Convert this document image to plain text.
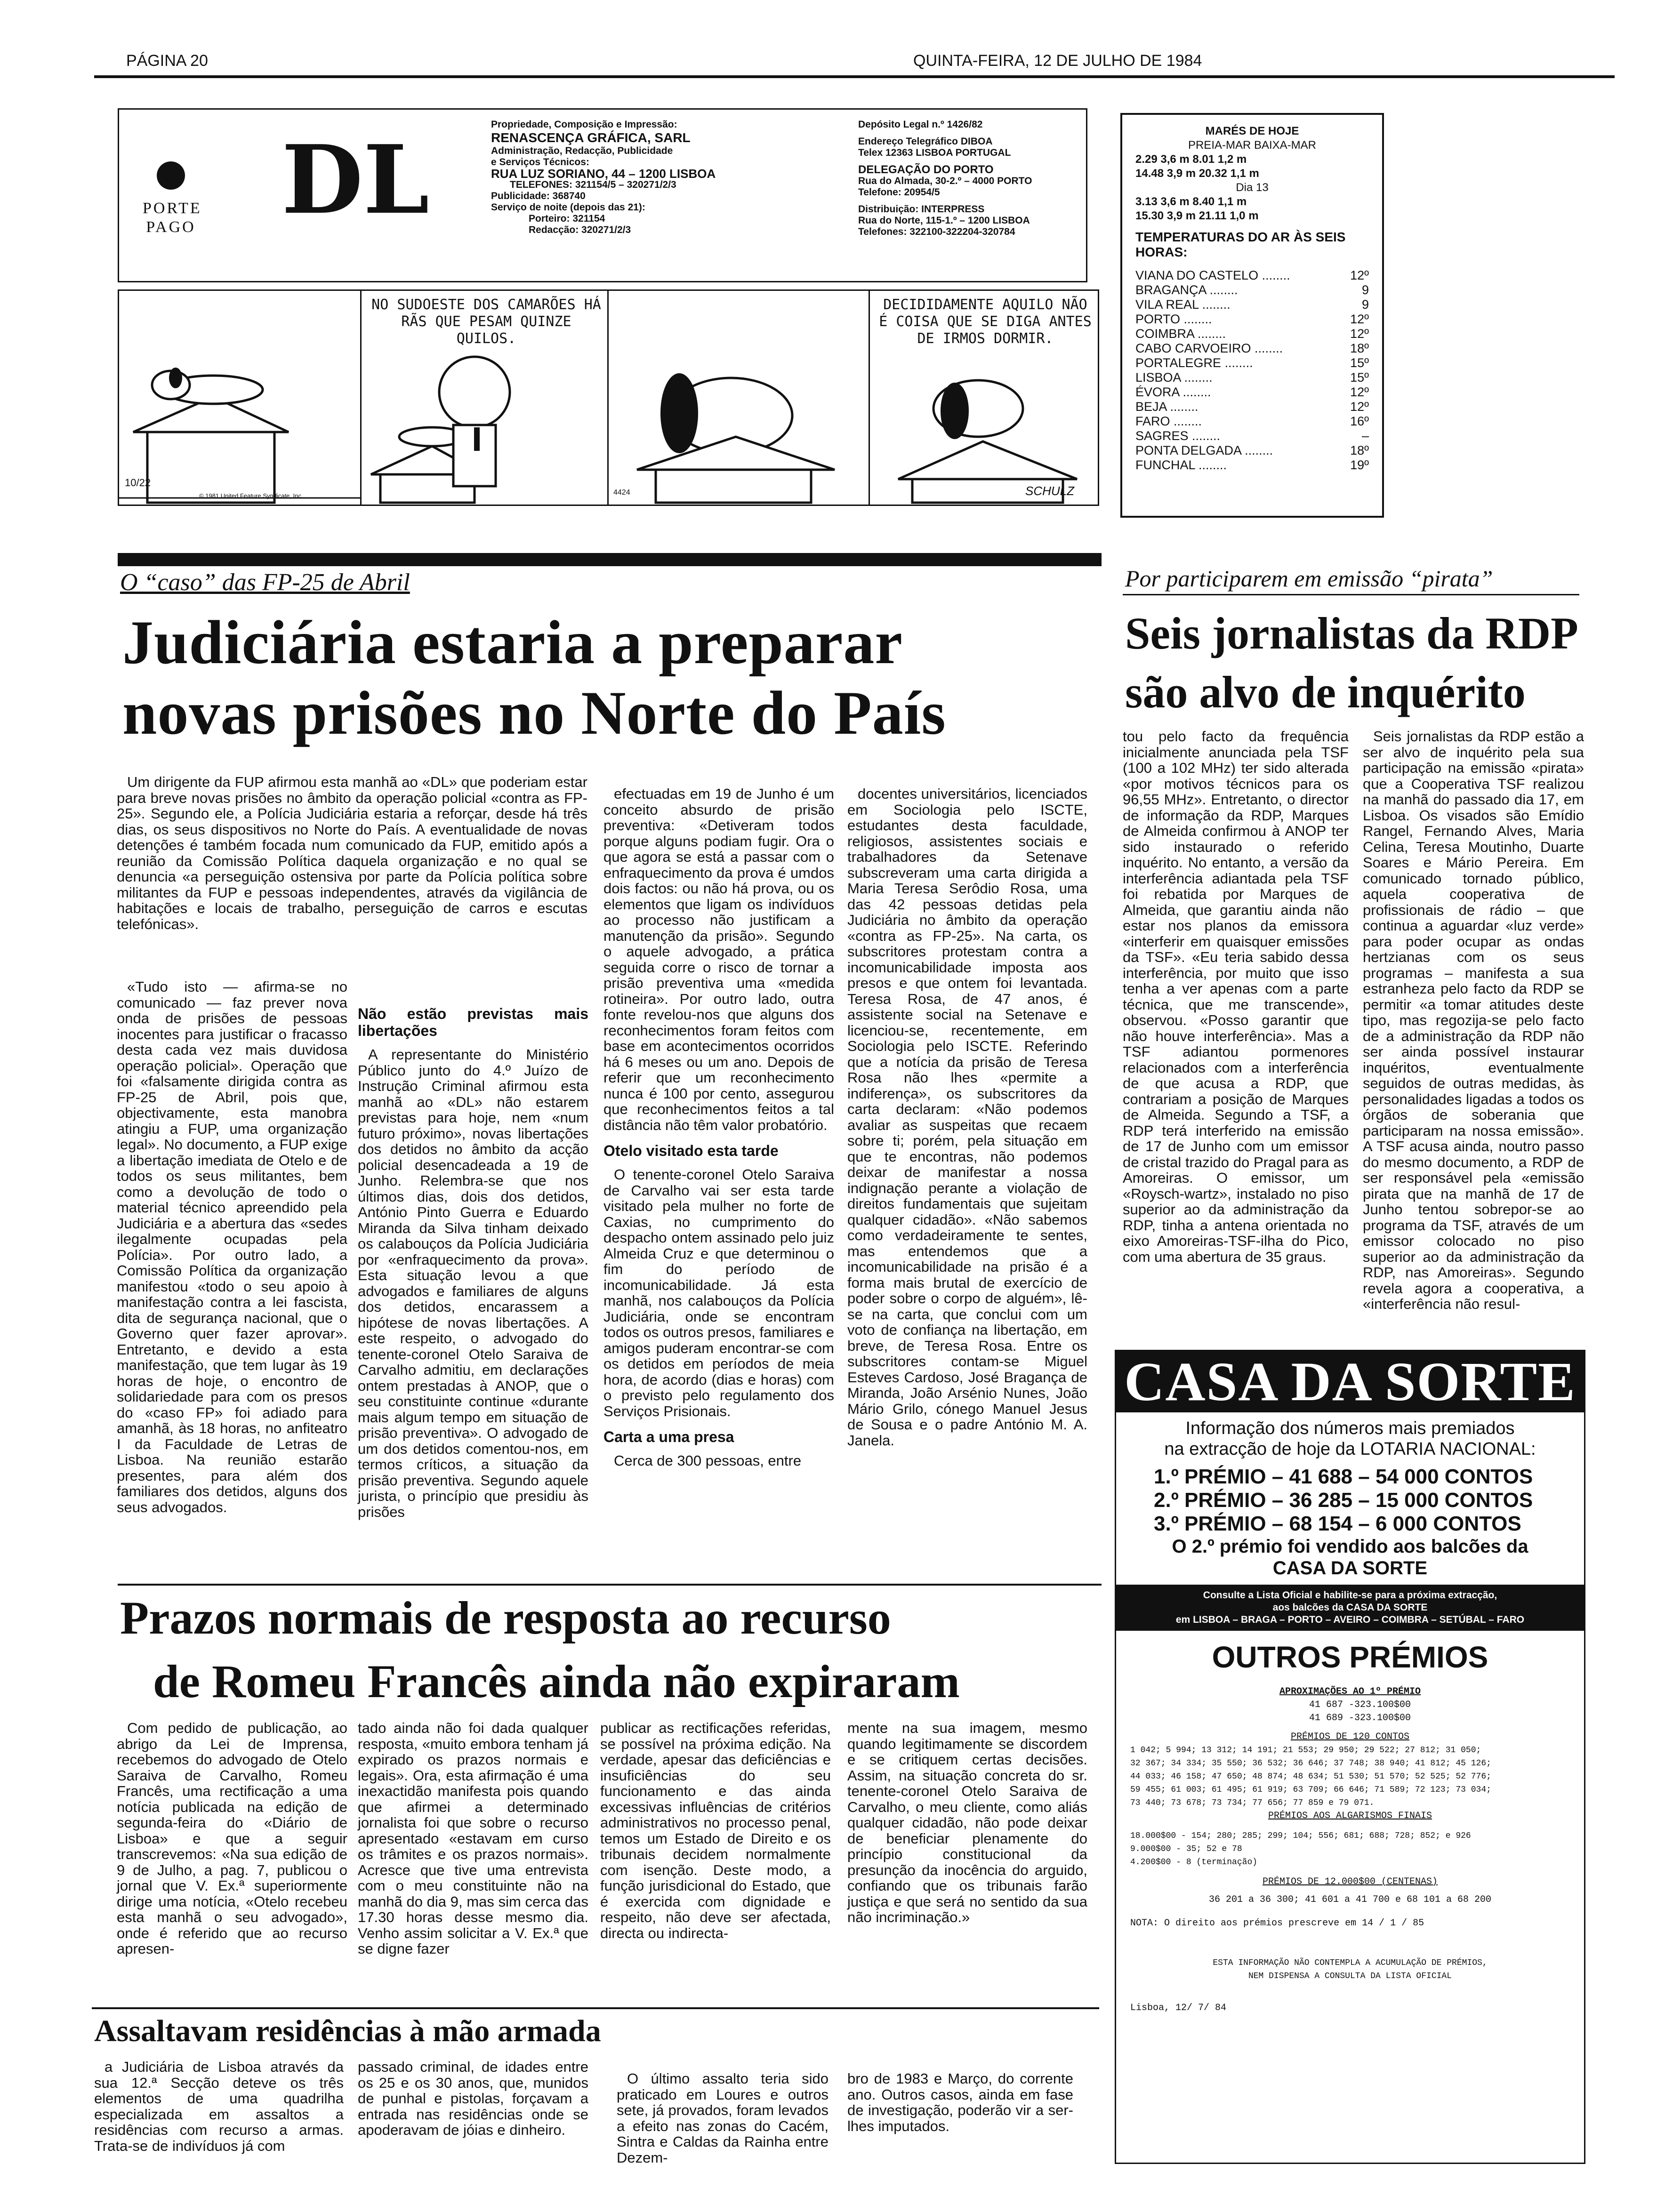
PÁGINA 20	QUINTA-FEIRA, 12 DE JULHO DE 1984
PORTE
PAGO DL
Propriedade, Composição e Impressão:
RENASCENÇA GRÁFICA, SARL
Administração, Redacção, Publicidade
e Serviços Técnicos:
RUA LUZ SORIANO, 44 – 1200 LISBOA
TELEFONES: 321154/5 – 320271/2/3
Publicidade: 368740
Serviço de noite (depois das 21):
Porteiro: 321154
Redacção: 320271/2/3
Depósito Legal n.º 1426/82
Endereço Telegráfico DIBOA
Telex 12363 LISBOA PORTUGAL
DELEGAÇÃO DO PORTO
Rua do Almada, 30-2.º – 4000 PORTO
Telefone: 20954/5
Distribuição: INTERPRESS
Rua do Norte, 115-1.º – 1200 LISBOA
Telefones: 322100-322204-320784
MARÉS DE HOJE
PREIA-MAR BAIXA-MAR
2.29 3,6 m 8.01 1,2 m
14.48 3,9 m 20.32 1,1 m
Dia 13
3.13 3,6 m 8.40 1,1 m
15.30 3,9 m 21.11 1,0 m
TEMPERATURAS DO AR ÀS SEIS HORAS:
VIANA DO CASTELO ........	12º
BRAGANÇA ........	9
VILA REAL ........	9
PORTO ........	12º
COIMBRA ........	12º
CABO CARVOEIRO ........	18º
PORTALEGRE ........	15º
LISBOA ........	15º
ÉVORA ........	12º
BEJA ........	12º
FARO ........	16º
SAGRES ........	–
PONTA DELGADA ........	18º
FUNCHAL ........	19º
10/22
© 1981 United Feature Syndicate, Inc.
NO SUDOESTE DOS CAMARÕES HÁ RÃS QUE PESAM QUINZE QUILOS.
4424
DECIDIDAMENTE AQUILO NÃO É COISA QUE SE DIGA ANTES DE IRMOS DORMIR.
SCHULZ
O “caso” das FP-25 de Abril
Judiciária estaria a preparar
novas prisões no Norte do País

Um dirigente da FUP afirmou esta manhã ao «DL» que poderiam estar para breve novas prisões no âmbito da operação policial «contra as FP-25». Segundo ele, a Polícia Judiciária estaria a reforçar, desde há três dias, os seus dispositivos no Norte do País. A eventualidade de novas detenções é também focada num comunicado da FUP, emitido após a reunião da Comissão Política daquela organização e no qual se denuncia «a perseguição ostensiva por parte da Polícia política sobre militantes da FUP e pessoas independentes, através da vigilância de habitações e locais de trabalho, perseguição de carros e escutas telefónicas».

«Tudo isto — afirma-se no comunicado — faz prever nova onda de prisões de pessoas inocentes para justificar o fracasso desta cada vez mais duvidosa operação policial». Operação que foi «falsamente dirigida contra as FP-25 de Abril, pois que, objectivamente, esta manobra atingiu a FUP, uma organização legal». No documento, a FUP exige a libertação imediata de Otelo e de todos os seus militantes, bem como a devolução de todo o material técnico apreendido pela Judiciária e a abertura das «sedes ilegalmente ocupadas pela Polícia». Por outro lado, a Comissão Política da organização manifestou «todo o seu apoio à manifestação contra a lei fascista, dita de segurança nacional, que o Governo quer fazer aprovar». Entretanto, e devido a esta manifestação, que tem lugar às 19 horas de hoje, o encontro de solidariedade para com os presos do «caso FP» foi adiado para amanhã, às 18 horas, no anfiteatro I da Faculdade de Letras de Lisboa. Na reunião estarão presentes, para além dos familiares dos detidos, alguns dos seus advogados.

Não estão previstas mais libertações

A representante do Ministério Público junto do 4.º Juízo de Instrução Criminal afirmou esta manhã ao «DL» não estarem previstas para hoje, nem «num futuro próximo», novas libertações dos detidos no âmbito da acção policial desencadeada a 19 de Junho. Relembra-se que nos últimos dias, dois dos detidos, António Pinto Guerra e Eduardo Miranda da Silva tinham deixado os calabouços da Polícia Judiciária por «enfraquecimento da prova». Esta situação levou a que advogados e familiares de alguns dos detidos, encarassem a hipótese de novas libertações. A este respeito, o advogado do tenente-coronel Otelo Saraiva de Carvalho admitiu, em declarações ontem prestadas à ANOP, que o seu constituinte continue «durante mais algum tempo em situação de prisão preventiva». O advogado de um dos detidos comentou-nos, em termos críticos, a situação da prisão preventiva. Segundo aquele jurista, o princípio que presidiu às prisões

efectuadas em 19 de Junho é um conceito absurdo de prisão preventiva: «Detiveram todos porque alguns podiam fugir. Ora o que agora se está a passar com o enfraquecimento da prova é umdos dois factos: ou não há prova, ou os elementos que ligam os indivíduos ao processo não justificam a manutenção da prisão». Segundo o aquele advogado, a prática seguida corre o risco de tornar a prisão preventiva uma «medida rotineira». Por outro lado, outra fonte revelou-nos que alguns dos reconhecimentos foram feitos com base em acontecimentos ocorridos há 6 meses ou um ano. Depois de referir que um reconhecimento nunca é 100 por cento, assegurou que reconhecimentos feitos a tal distância não têm valor probatório.

Otelo visitado esta tarde

O tenente-coronel Otelo Saraiva de Carvalho vai ser esta tarde visitado pela mulher no forte de Caxias, no cumprimento do despacho ontem assinado pelo juiz Almeida Cruz e que determinou o fim do período de incomunicabilidade. Já esta manhã, nos calabouços da Polícia Judiciária, onde se encontram todos os outros presos, familiares e amigos puderam encontrar-se com os detidos em períodos de meia hora, de acordo (dias e horas) com o previsto pelo regulamento dos Serviços Prisionais.

Carta a uma presa

Cerca de 300 pessoas, entre

docentes universitários, licenciados em Sociologia pelo ISCTE, estudantes desta faculdade, religiosos, assistentes sociais e trabalhadores da Setenave subscreveram uma carta dirigida a Maria Teresa Serôdio Rosa, uma das 42 pessoas detidas pela Judiciária no âmbito da operação «contra as FP-25». Na carta, os subscritores protestam contra a incomunicabilidade imposta aos presos e que ontem foi levantada. Teresa Rosa, de 47 anos, é assistente social na Setenave e licenciou-se, recentemente, em Sociologia pelo ISCTE. Referindo que a notícia da prisão de Teresa Rosa não lhes «permite a indiferença», os subscritores da carta declaram: «Não podemos avaliar as suspeitas que recaem sobre ti; porém, pela situação em que te encontras, não podemos deixar de manifestar a nossa indignação perante a violação de direitos fundamentais que sujeitam qualquer cidadão». «Não sabemos como verdadeiramente te sentes, mas entendemos que a incomunicabilidade na prisão é a forma mais brutal de exercício de poder sobre o corpo de alguém», lê-se na carta, que conclui com um voto de confiança na libertação, em breve, de Teresa Rosa. Entre os subscritores contam-se Miguel Esteves Cardoso, José Bragança de Miranda, João Arsénio Nunes, João Mário Grilo, cónego Manuel Jesus de Sousa e o padre António M. A. Janela.

Por participarem em emissão “pirata”
Seis jornalistas da RDP
são alvo de inquérito

tou pelo facto da frequência inicialmente anunciada pela TSF (100 a 102 MHz) ter sido alterada «por motivos técnicos para os 96,55 MHz». Entretanto, o director de informação da RDP, Marques de Almeida confirmou à ANOP ter sido instaurado o referido inquérito. No entanto, a versão da interferência adiantada pela TSF foi rebatida por Marques de Almeida, que garantiu ainda não estar nos planos da emissora «interferir em quaisquer emissões da TSF». «Eu teria sabido dessa interferência, por muito que isso tenha a ver apenas com a parte técnica, que me transcende», observou. «Posso garantir que não houve interferência». Mas a TSF adiantou pormenores relacionados com a interferência de que acusa a RDP, que contrariam a posição de Marques de Almeida. Segundo a TSF, a RDP terá interferido na emissão de 17 de Junho com um emissor de cristal trazido do Pragal para as Amoreiras. O emissor, um «Roysch-wartz», instalado no piso superior ao da administração da RDP, tinha a antena orientada no eixo Amoreiras-TSF-ilha do Pico, com uma abertura de 35 graus.

Seis jornalistas da RDP estão a ser alvo de inquérito pela sua participação na emissão «pirata» que a Cooperativa TSF realizou na manhã do passado dia 17, em Lisboa. Os visados são Emídio Rangel, Fernando Alves, Maria Celina, Teresa Moutinho, Duarte Soares e Mário Pereira. Em comunicado tornado público, aquela cooperativa de profissionais de rádio – que continua a aguardar «luz verde» para poder ocupar as ondas hertzianas com os seus programas – manifesta a sua estranheza pelo facto da RDP se permitir «a tomar atitudes deste tipo, mas regozija-se pelo facto de a administração da RDP não ser ainda possível instaurar inquéritos, eventualmente seguidos de outras medidas, às personalidades ligadas a todos os órgãos de soberania que participaram na nossa emissão». A TSF acusa ainda, noutro passo do mesmo documento, a RDP de ser responsável pela «emissão pirata que na manhã de 17 de Junho tentou sobrepor-se ao programa da TSF, através de um emissor colocado no piso superior ao da administração da RDP, nas Amoreiras». Segundo revela agora a cooperativa, a «interferência não resul-

CASA DA SORTE
Informação dos números mais premiados
na extracção de hoje da LOTARIA NACIONAL:
1.º PRÉMIO – 41 688 – 54 000 CONTOS
2.º PRÉMIO – 36 285 – 15 000 CONTOS
3.º PRÉMIO – 68 154 – 6 000 CONTOS
O 2.º prémio foi vendido aos balcões da CASA DA SORTE
Consulte a Lista Oficial e habilite-se para a próxima extracção,
aos balcões da CASA DA SORTE
em LISBOA – BRAGA – PORTO – AVEIRO – COIMBRA – SETÚBAL – FARO
OUTROS PRÉMIOS
APROXIMAÇÕES AO 1º PRÉMIO
41 687 -323.100$00
41 689 -323.100$00
PRÉMIOS DE 120 CONTOS
1 042; 5 994; 13 312; 14 191; 21 553; 29 950; 29 522; 27 812; 31 050;
32 367; 34 334; 35 550; 36 532; 36 646; 37 748; 38 940; 41 812; 45 126;
44 033; 46 158; 47 650; 48 874; 48 634; 51 530; 51 570; 52 525; 52 776;
59 455; 61 003; 61 495; 61 919; 63 709; 66 646; 71 589; 72 123; 73 034;
73 440; 73 678; 73 734; 77 656; 77 859 e 79 071.
PRÉMIOS AOS ALGARISMOS FINAIS
18.000$00 - 154; 280; 285; 299; 104; 556; 681; 688; 728; 852; e 926
9.000$00 - 35; 52 e 78
4.200$00 - 8 (terminação)
PRÉMIOS DE 12.000$00 (CENTENAS)
36 201 a 36 300; 41 601 a 41 700 e 68 101 a 68 200
NOTA: O direito aos prémios prescreve em 14 / 1 / 85
ESTA INFORMAÇÃO NÃO CONTEMPLA A ACUMULAÇÃO DE PRÉMIOS,
NEM DISPENSA A CONSULTA DA LISTA OFICIAL
Lisboa, 12/ 7/ 84
Prazos normais de resposta ao recurso
de Romeu Francês ainda não expiraram

Com pedido de publicação, ao abrigo da Lei de Imprensa, recebemos do advogado de Otelo Saraiva de Carvalho, Romeu Francês, uma rectificação a uma notícia publicada na edição de segunda-feira do «Diário de Lisboa» e que a seguir transcrevemos: «Na sua edição de 9 de Julho, a pag. 7, publicou o jornal que V. Ex.ª superiormente dirige uma notícia, «Otelo recebeu esta manhã o seu advogado», onde é referido que ao recurso apresen-

tado ainda não foi dada qualquer resposta, «muito embora tenham já expirado os prazos normais e legais». Ora, esta afirmação é uma inexactidão manifesta pois quando que afirmei a determinado jornalista foi que sobre o recurso apresentado «estavam em curso os trâmites e os prazos normais». Acresce que tive uma entrevista com o meu constituinte não na manhã do dia 9, mas sim cerca das 17.30 horas desse mesmo dia. Venho assim solicitar a V. Ex.ª que se digne fazer

publicar as rectificações referidas, se possível na próxima edição. Na verdade, apesar das deficiências e insuficiências do seu funcionamento e das ainda excessivas influências de critérios administrativos no processo penal, temos um Estado de Direito e os tribunais decidem normalmente com isenção. Deste modo, a função jurisdicional do Estado, que é exercida com dignidade e respeito, não deve ser afectada, directa ou indirecta-

mente na sua imagem, mesmo quando legitimamente se discordem e se critiquem certas decisões. Assim, na situação concreta do sr. tenente-coronel Otelo Saraiva de Carvalho, o meu cliente, como aliás qualquer cidadão, não pode deixar de beneficiar plenamente do princípio constitucional da presunção da inocência do arguido, confiando que os tribunais farão justiça e que será no sentido da sua não incriminação.»

Assaltavam residências à mão armada

a Judiciária de Lisboa através da sua 12.ª Secção deteve os três elementos de uma quadrilha especializada em assaltos a residências com recurso a armas. Trata-se de indivíduos já com

passado criminal, de idades entre os 25 e os 30 anos, que, munidos de punhal e pistolas, forçavam a entrada nas residências onde se apoderavam de jóias e dinheiro.

O último assalto teria sido praticado em Loures e outros sete, já provados, foram levados a efeito nas zonas do Cacém, Sintra e Caldas da Rainha entre Dezem-

bro de 1983 e Março, do corrente ano. Outros casos, ainda em fase de investigação, poderão vir a ser-lhes imputados.
